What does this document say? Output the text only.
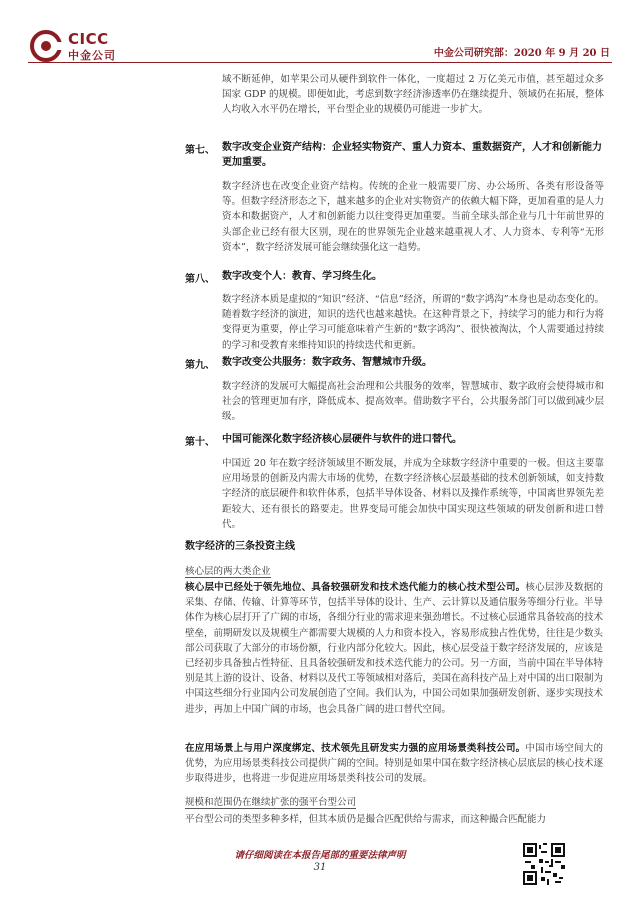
CICC
中金公司	中金公司研究部：2020 年 9 月 20 日
域不断延伸，如苹果公司从硬件到软件一体化，一度超过 2 万亿美元市值，甚至超过众多国家 GDP 的规模。即便如此，考虑到数字经济渗透率仍在继续提升、领域仍在拓展，整体人均收入水平仍在增长，平台型企业的规模仍可能进一步扩大。
第七、 数字改变企业资产结构：企业轻实物资产、重人力资本、重数据资产，人才和创新能力更加重要。
数字经济也在改变企业资产结构。传统的企业一般需要厂房、办公场所、各类有形设备等等。但数字经济形态之下，越来越多的企业对实物资产的依赖大幅下降，更加看重的是人力资本和数据资产，人才和创新能力以往变得更加重要。当前全球头部企业与几十年前世界的头部企业已经有很大区别，现在的世界领先企业越来越重视人才、人力资本、专利等“无形资本”，数字经济发展可能会继续强化这一趋势。
第八、 数字改变个人：教育、学习终生化。
数字经济本质是虚拟的“知识”经济、“信息”经济，所谓的“数字鸿沟”本身也是动态变化的。随着数字经济的演进，知识的迭代也越来越快。在这种背景之下，持续学习的能力和行为将变得更为重要，停止学习可能意味着产生新的“数字鸿沟”、很快被淘汰，个人需要通过持续的学习和受教育来维持知识的持续迭代和更新。
第九、 数字改变公共服务：数字政务、智慧城市升级。
数字经济的发展可大幅提高社会治理和公共服务的效率，智慧城市、数字政府会使得城市和社会的管理更加有序，降低成本、提高效率。借助数字平台，公共服务部门可以做到减少层级。
第十、 中国可能深化数字经济核心层硬件与软件的进口替代。
中国近 20 年在数字经济领域里不断发展，并成为全球数字经济中重要的一极。但这主要靠应用场景的创新及内需大市场的优势，在数字经济核心层最基础的技术创新领域，如支持数字经济的底层硬件和软件体系，包括半导体设备、材料以及操作系统等，中国离世界领先差距较大、还有很长的路要走。世界变局可能会加快中国实现这些领域的研发创新和进口替代。
数字经济的三条投资主线
核心层的两大类企业
核心层中已经处于领先地位、具备较强研发和技术迭代能力的核心技术型公司。核心层涉及数据的采集、存储、传输、计算等环节，包括半导体的设计、生产、云计算以及通信服务等细分行业。半导体作为核心层打开了广阔的市场，各细分行业的需求迎来强劲增长。不过核心层通常具备较高的技术壁垒，前期研发以及规模生产都需要大规模的人力和资本投入，容易形成独占性优势，往往是少数头部公司获取了大部分的市场份额，行业内部分化较大。因此，核心层受益于数字经济发展的，应该是已经初步具备独占性特征、且具备较强研发和技术迭代能力的公司。另一方面，当前中国在半导体特别是其上游的设计、设备、材料以及代工等领域相对落后，美国在高科技产品上对中国的出口限制为中国这些细分行业国内公司发展创造了空间。我们认为，中国公司如果加强研发创新、逐步实现技术进步，再加上中国广阔的市场，也会具备广阔的进口替代空间。
在应用场景上与用户深度绑定、技术领先且研发实力强的应用场景类科技公司。中国市场空间大的优势，为应用场景类科技公司提供广阔的空间。特别是如果中国在数字经济核心层底层的核心技术逐步取得进步，也将进一步促进应用场景类科技公司的发展。
规模和范围仍在继续扩张的强平台型公司
平台型公司的类型多种多样，但其本质仍是撮合匹配供给与需求，而这种撮合匹配能力
请仔细阅读在本报告尾部的重要法律声明
31
